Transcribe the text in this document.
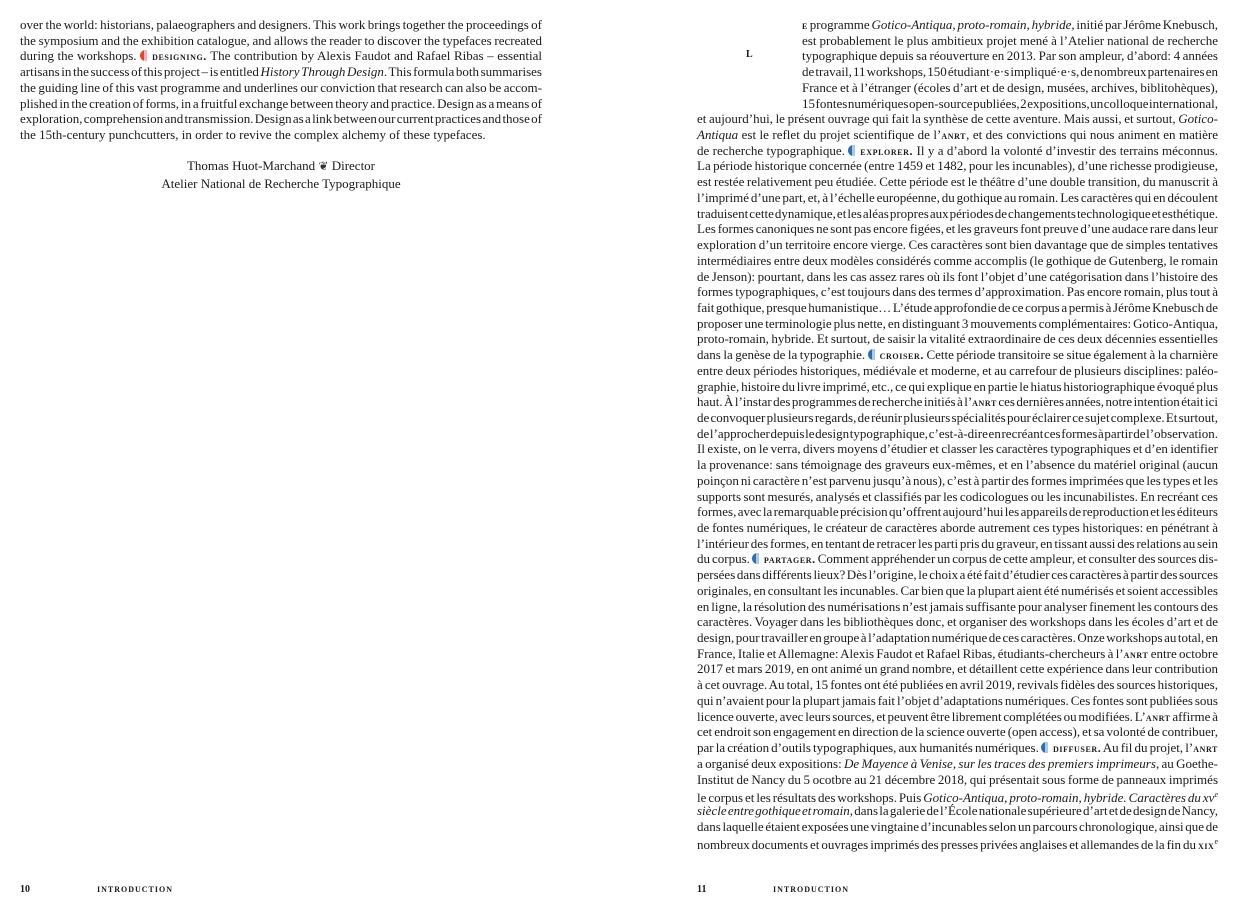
over the world: historians, palaeographers and designers. This work brings together the proceedings of
the symposium and the exhibition catalogue, and allows the reader to discover the typefaces recreated
during the workshops. designing. The contribution by Alexis Faudot and Rafael Ribas – essential
artisans in the success of this project – is entitled History Through Design. This formula both summarises
the guiding line of this vast programme and underlines our conviction that research can also be accom-
plished in the creation of forms, in a fruitful exchange between theory and practice. Design as a means of
exploration, comprehension and transmission. Design as a link between our current practices and those of
the 15th-century punchcutters, in order to revive the complex alchemy of these typefaces.
Thomas Huot-Marchand ❦ Director
Atelier National de Recherche Typographique
10	INTRODUCTION
L
e programme Gotico-Antiqua, proto-romain, hybride, initié par Jérôme Knebusch,
est probablement le plus ambitieux projet mené à l’Atelier national de recherche
typographique depuis sa réouverture en 2013. Par son ampleur, d’abord: 4 années
de travail, 11 workshops, 150 étudiant·e·s impliqué·e·s, de nombreux partenaires en
France et à l’étranger (écoles d’art et de design, musées, archives, biblitohèques),
15 fontes numériques open-source publiées, 2 expositions, un colloque international,
et aujourd’hui, le présent ouvrage qui fait la synthèse de cette aventure. Mais aussi, et surtout, Gotico-
Antiqua est le reflet du projet scientifique de l’anrt, et des convictions qui nous animent en matière
de recherche typographique. explorer. Il y a d’abord la volonté d’investir des terrains méconnus.
La période historique concernée (entre 1459 et 1482, pour les incunables), d’une richesse prodigieuse,
est restée relativement peu étudiée. Cette période est le théâtre d’une double transition, du manuscrit à
l’imprimé d’une part, et, à l’échelle européenne, du gothique au romain. Les caractères qui en découlent
traduisent cette dynamique, et les aléas propres aux périodes de changements technologique et esthétique.
Les formes canoniques ne sont pas encore figées, et les graveurs font preuve d’une audace rare dans leur
exploration d’un territoire encore vierge. Ces caractères sont bien davantage que de simples tentatives
intermédiaires entre deux modèles considérés comme accomplis (le gothique de Gutenberg, le romain
de Jenson): pourtant, dans les cas assez rares où ils font l’objet d’une catégorisation dans l’histoire des
formes typographiques, c’est toujours dans des termes d’approximation. Pas encore romain, plus tout à
fait gothique, presque humanistique… L’étude approfondie de ce corpus a permis à Jérôme Knebusch de
proposer une terminologie plus nette, en distinguant 3 mouvements complémentaires: Gotico-Antiqua,
proto-romain, hybride. Et surtout, de saisir la vitalité extraordinaire de ces deux décennies essentielles
dans la genèse de la typographie. croiser. Cette période transitoire se situe également à la charnière
entre deux périodes historiques, médiévale et moderne, et au carrefour de plusieurs disciplines: paléo-
graphie, histoire du livre imprimé, etc., ce qui explique en partie le hiatus historiographique évoqué plus
haut. À l’instar des programmes de recherche initiés à l’anrt ces dernières années, notre intention était ici
de convoquer plusieurs regards, de réunir plusieurs spécialités pour éclairer ce sujet complexe. Et surtout,
de l’approcher depuis le design typographique, c’est-à-dire en recréant ces formes à partir de l’observation.
Il existe, on le verra, divers moyens d’étudier et classer les caractères typographiques et d’en identifier
la provenance: sans témoignage des graveurs eux-mêmes, et en l’absence du matériel original (aucun
poinçon ni caractère n’est parvenu jusqu’à nous), c’est à partir des formes imprimées que les types et les
supports sont mesurés, analysés et classifiés par les codicologues ou les incunabilistes. En recréant ces
formes, avec la remarquable précision qu’offrent aujourd’hui les appareils de reproduction et les éditeurs
de fontes numériques, le créateur de caractères aborde autrement ces types historiques: en pénétrant à
l’intérieur des formes, en tentant de retracer les parti pris du graveur, en tissant aussi des relations au sein
du corpus. partager. Comment appréhender un corpus de cette ampleur, et consulter des sources dis-
persées dans différents lieux? Dès l’origine, le choix a été fait d’étudier ces caractères à partir des sources
originales, en consultant les incunables. Car bien que la plupart aient été numérisés et soient accessibles
en ligne, la résolution des numérisations n’est jamais suffisante pour analyser finement les contours des
caractères. Voyager dans les bibliothèques donc, et organiser des workshops dans les écoles d’art et de
design, pour travailler en groupe à l’adaptation numérique de ces caractères. Onze workshops au total, en
France, Italie et Allemagne: Alexis Faudot et Rafael Ribas, étudiants-chercheurs à l’anrt entre octobre
2017 et mars 2019, en ont animé un grand nombre, et détaillent cette expérience dans leur contribution
à cet ouvrage. Au total, 15 fontes ont été publiées en avril 2019, revivals fidèles des sources historiques,
qui n’avaient pour la plupart jamais fait l’objet d’adaptations numériques. Ces fontes sont publiées sous
licence ouverte, avec leurs sources, et peuvent être librement complétées ou modifiées. L’anrt affirme à
cet endroit son engagement en direction de la science ouverte (open access), et sa volonté de contribuer,
par la création d’outils typographiques, aux humanités numériques. diffuser. Au fil du projet, l’anrt
a organisé deux expositions: De Mayence à Venise, sur les traces des premiers imprimeurs, au Goethe-
Institut de Nancy du 5 ocotbre au 21 décembre 2018, qui présentait sous forme de panneaux imprimés
le corpus et les résultats des workshops. Puis Gotico-Antiqua, proto-romain, hybride. Caractères du $xv^e$
siècle entre gothique et romain, dans la galerie de l’École nationale supérieure d’art et de design de Nancy,
dans laquelle étaient exposées une vingtaine d’incunables selon un parcours chronologique, ainsi que de
nombreux documents et ouvrages imprimés des presses privées anglaises et allemandes de la fin du xix$^e$
11	INTRODUCTION
